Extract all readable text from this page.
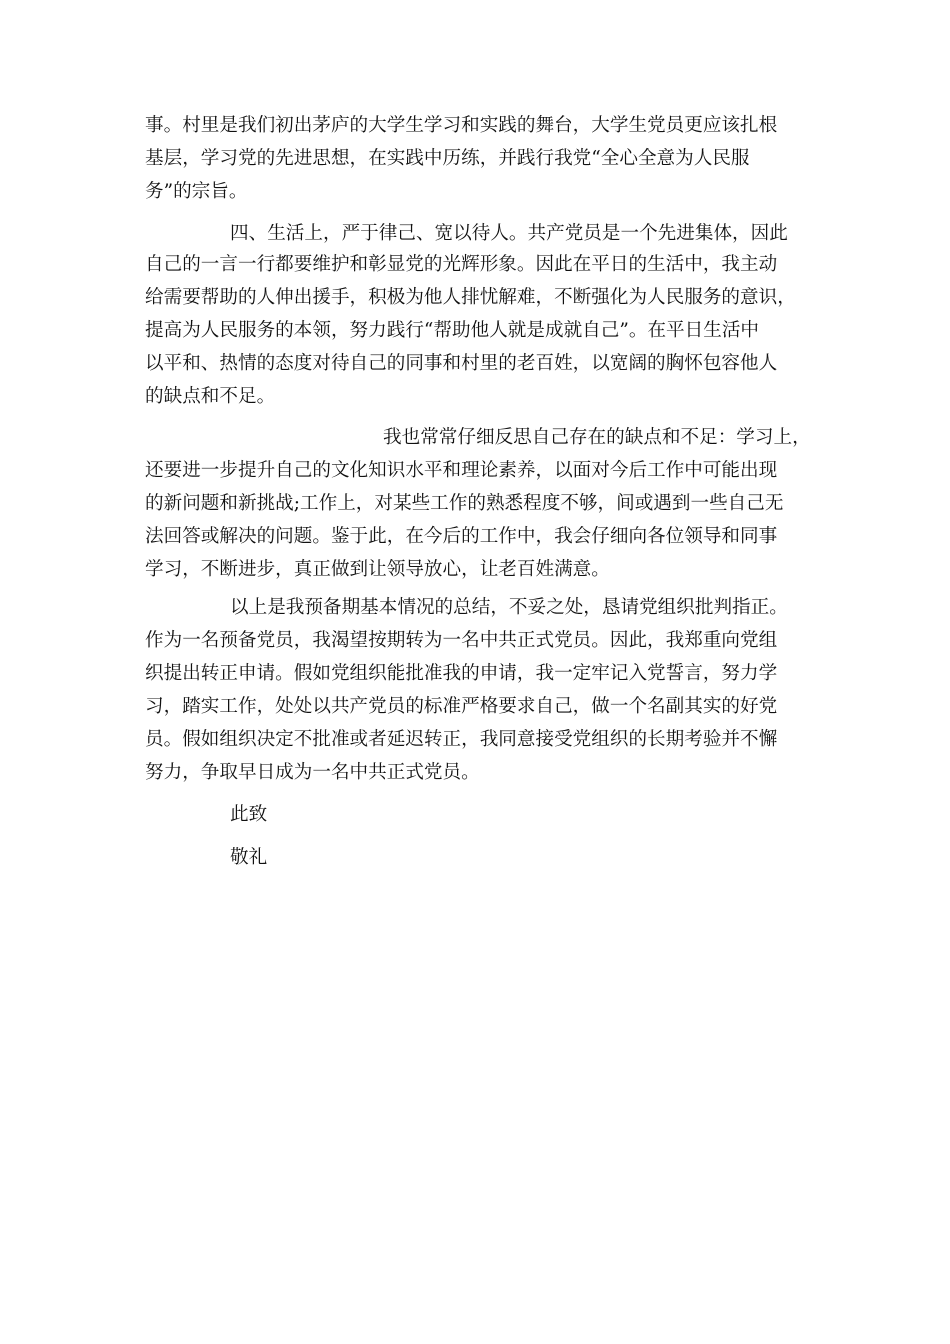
事。村里是我们初出茅庐的大学生学习和实践的舞台，大学生党员更应该扎根
基层，学习党的先进思想，在实践中历练，并践行我党“全心全意为人民服
务”的宗旨。
四、生活上，严于律己、宽以待人。共产党员是一个先进集体，因此
自己的一言一行都要维护和彰显党的光辉形象。因此在平日的生活中，我主动
给需要帮助的人伸出援手，积极为他人排忧解难，不断强化为人民服务的意识，
提高为人民服务的本领，努力践行“帮助他人就是成就自己”。在平日生活中
以平和、热情的态度对待自己的同事和村里的老百姓，以宽阔的胸怀包容他人
的缺点和不足。
我也常常仔细反思自己存在的缺点和不足：学习上，
还要进一步提升自己的文化知识水平和理论素养，以面对今后工作中可能出现
的新问题和新挑战;工作上，对某些工作的熟悉程度不够，间或遇到一些自己无
法回答或解决的问题。鉴于此，在今后的工作中，我会仔细向各位领导和同事
学习，不断进步，真正做到让领导放心，让老百姓满意。
以上是我预备期基本情况的总结，不妥之处，恳请党组织批判指正。
作为一名预备党员，我渴望按期转为一名中共正式党员。因此，我郑重向党组
织提出转正申请。假如党组织能批准我的申请，我一定牢记入党誓言，努力学
习，踏实工作，处处以共产党员的标准严格要求自己，做一个名副其实的好党
员。假如组织决定不批准或者延迟转正，我同意接受党组织的长期考验并不懈
努力，争取早日成为一名中共正式党员。
此致
敬礼
